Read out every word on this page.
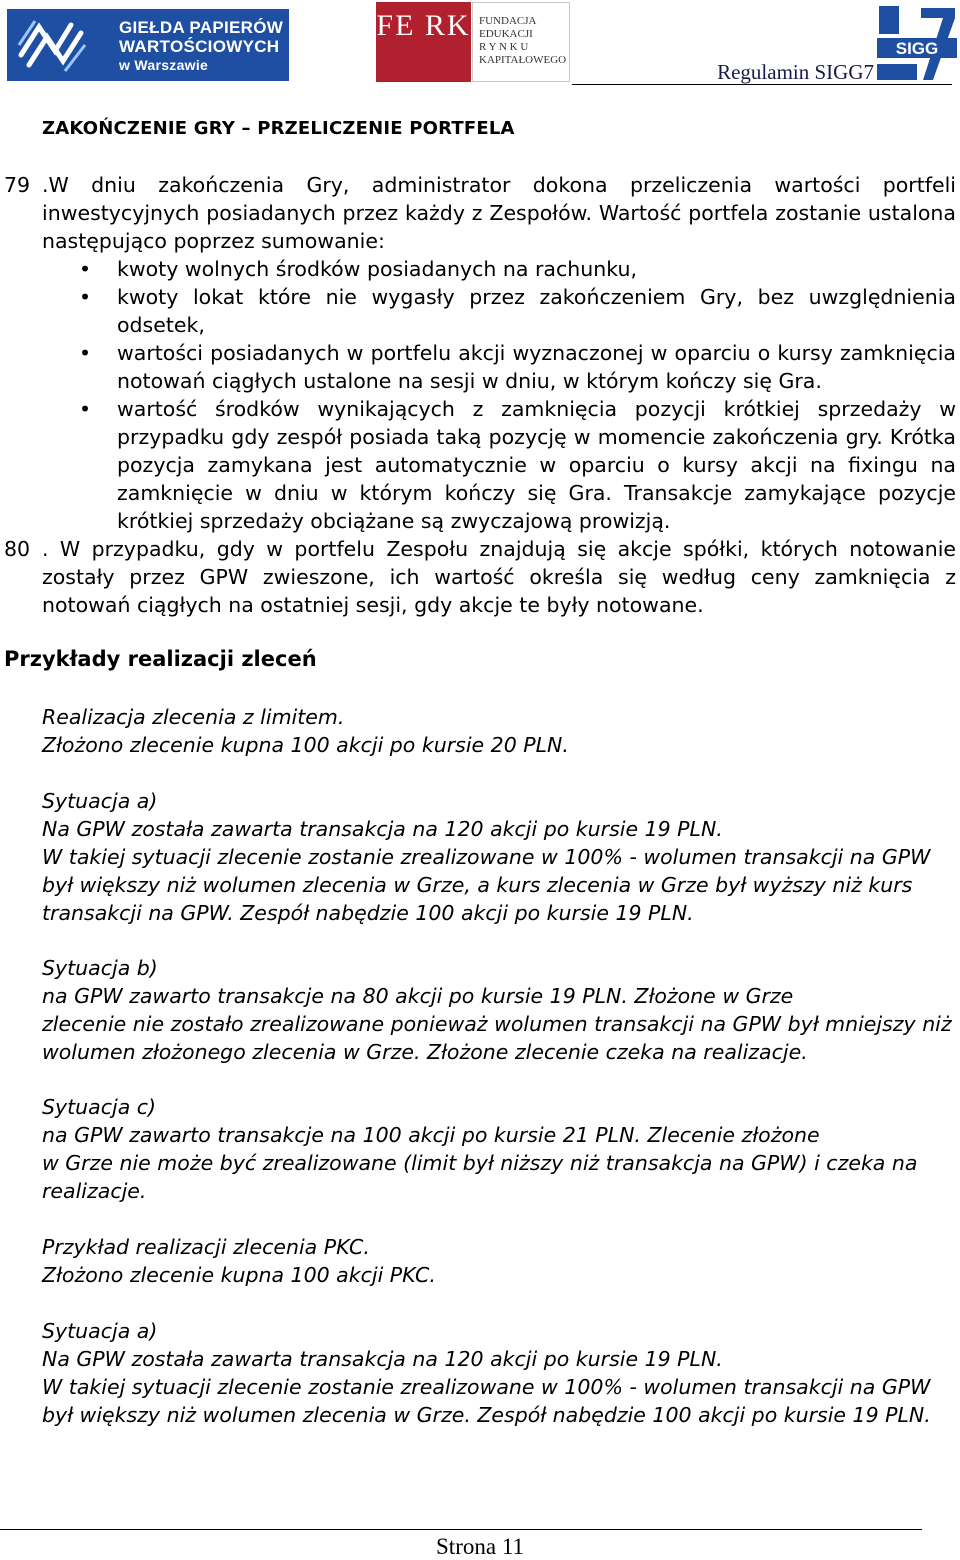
GIEŁDA PAPIERÓW
WARTOŚCIOWYCH
w Warszawie
FE RK FUNDACJA
EDUKACJI
R Y N K U
KAPITAŁOWEGO
SIGG
Regulamin SIGG7
ZAKOŃCZENIE GRY – PRZELICZENIE PORTFELA
79 .W dniu zakończenia Gry, administrator dokona przeliczenia wartości portfeli inwestycyjnych posiadanych przez każdy z Zespołów. Wartość portfela zostanie ustalona następująco poprzez sumowanie:
• kwoty wolnych środków posiadanych na rachunku,
• kwoty lokat które nie wygasły przez zakończeniem Gry, bez uwzględnienia odsetek,
• wartości posiadanych w portfelu akcji wyznaczonej w oparciu o kursy zamknięcia notowań ciągłych ustalone na sesji w dniu, w którym kończy się Gra.
• wartość środków wynikających z zamknięcia pozycji krótkiej sprzedaży w przypadku gdy zespół posiada taką pozycję w momencie zakończenia gry. Krótka pozycja zamykana jest automatycznie w oparciu o kursy akcji na fixingu na zamknięcie w dniu w którym kończy się Gra. Transakcje zamykające pozycje krótkiej sprzedaży obciążane są zwyczajową prowizją.
80 . W przypadku, gdy w portfelu Zespołu znajdują się akcje spółki, których notowanie zostały przez GPW zwieszone, ich wartość określa się według ceny zamknięcia z notowań ciągłych na ostatniej sesji, gdy akcje te były notowane.
Przykłady realizacji zleceń
Realizacja zlecenia z limitem.
Złożono zlecenie kupna 100 akcji po kursie 20 PLN.
Sytuacja a)
Na GPW została zawarta transakcja na 120 akcji po kursie 19 PLN.
W takiej sytuacji zlecenie zostanie zrealizowane w 100% - wolumen transakcji na GPW był większy niż wolumen zlecenia w Grze, a kurs zlecenia w Grze był wyższy niż kurs transakcji na GPW. Zespół nabędzie 100 akcji po kursie 19 PLN.
Sytuacja b)
na GPW zawarto transakcje na 80 akcji po kursie 19 PLN. Złożone w Grze
zlecenie nie zostało zrealizowane ponieważ wolumen transakcji na GPW był mniejszy niż wolumen złożonego zlecenia w Grze. Złożone zlecenie czeka na realizacje.
Sytuacja c)
na GPW zawarto transakcje na 100 akcji po kursie 21 PLN. Zlecenie złożone
w Grze nie może być zrealizowane (limit był niższy niż transakcja na GPW) i czeka na realizacje.
Przykład realizacji zlecenia PKC.
Złożono zlecenie kupna 100 akcji PKC.
Sytuacja a)
Na GPW została zawarta transakcja na 120 akcji po kursie 19 PLN.
W takiej sytuacji zlecenie zostanie zrealizowane w 100% - wolumen transakcji na GPW był większy niż wolumen zlecenia w Grze. Zespół nabędzie 100 akcji po kursie 19 PLN.
Strona 11
